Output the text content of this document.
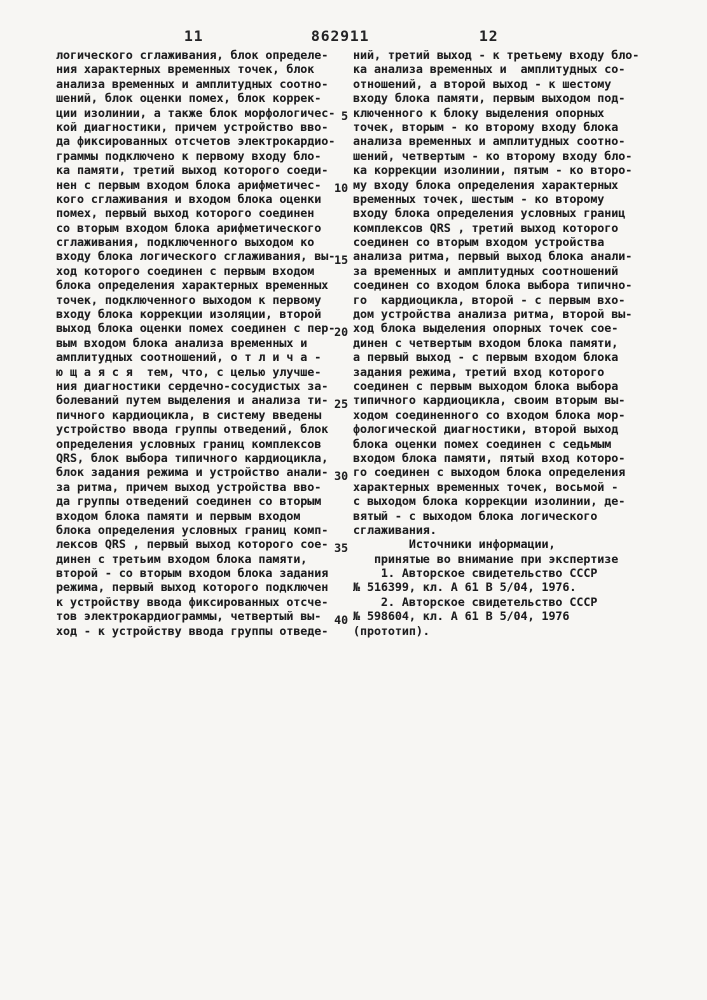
11	862911	12
5
10
15
20
25
30
35
40
логического сглаживания, блок определе-
ния характерных временных точек, блок
анализа временных и амплитудных соотно-
шений, блок оценки помех, блок коррек-
ции изолинии, а также блок морфологичес-
кой диагностики, причем устройство вво-
да фиксированных отсчетов электрокардио-
граммы подключено к первому входу бло-
ка памяти, третий выход которого соеди-
нен с первым входом блока арифметичес-
кого сглаживания и входом блока оценки
помех, первый выход которого соединен
со вторым входом блока арифметического
сглаживания, подключенного выходом ко
входу блока логического сглаживания, вы-
ход которого соединен с первым входом
блока определения характерных временных
точек, подключенного выходом к первому
входу блока коррекции изоляции, второй
выход блока оценки помех соединен с пер-
вым входом блока анализа временных и
амплитудных соотношений, о т л и ч а -
ю щ а я с я  тем, что, с целью улучше-
ния диагностики сердечно-сосудистых за-
болеваний путем выделения и анализа ти-
пичного кардиоцикла, в систему введены
устройство ввода группы отведений, блок
определения условных границ комплексов
QRS, блок выбора типичного кардиоцикла,
блок задания режима и устройство анали-
за ритма, причем выход устройства вво-
да группы отведений соединен со вторым
входом блока памяти и первым входом
блока определения условных границ комп-
лексов QRS , первый выход которого сое-
динен с третьим входом блока памяти,
второй - со вторым входом блока задания
режима, первый выход которого подключен
к устройству ввода фиксированных отсче-
тов электрокардиограммы, четвертый вы-
ход - к устройству ввода группы отведе-
ний, третий выход - к третьему входу бло-
ка анализа временных и  амплитудных со-
отношений, а второй выход - к шестому
входу блока памяти, первым выходом под-
ключенного к блоку выделения опорных
точек, вторым - ко второму входу блока
анализа временных и амплитудных соотно-
шений, четвертым - ко второму входу бло-
ка коррекции изолинии, пятым - ко второ-
му входу блока определения характерных
временных точек, шестым - ко второму
входу блока определения условных границ
комплексов QRS , третий выход которого
соединен со вторым входом устройства
анализа ритма, первый выход блока анали-
за временных и амплитудных соотношений
соединен со входом блока выбора типично-
го  кардиоцикла, второй - с первым вхо-
дом устройства анализа ритма, второй вы-
ход блока выделения опорных точек сое-
динен с четвертым входом блока памяти,
а первый выход - с первым входом блока
задания режима, третий вход которого
соединен с первым выходом блока выбора
типичного кардиоцикла, своим вторым вы-
ходом соединенного со входом блока мор-
фологической диагностики, второй выход
блока оценки помех соединен с седьмым
входом блока памяти, пятый вход которо-
го соединен с выходом блока определения
характерных временных точек, восьмой -
с выходом блока коррекции изолинии, де-
вятый - с выходом блока логического
сглаживания.
Источники информации,
принятые во внимание при экспертизе
1. Авторское свидетельство СССР
№ 516399, кл. А 61 В 5/04, 1976.
2. Авторское свидетельство СССР
№ 598604, кл. А 61 В 5/04, 1976
(прототип).
